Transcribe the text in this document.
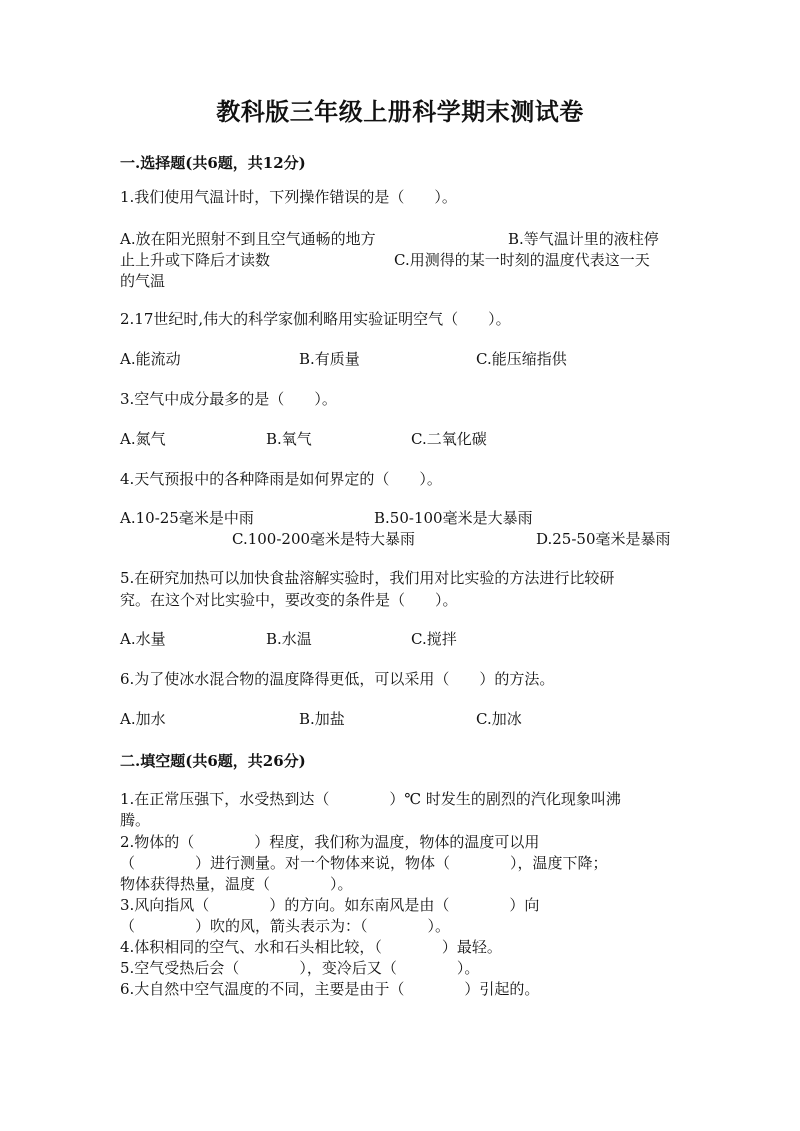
教科版三年级上册科学期末测试卷
一.选择题(共6题，共12分)
1.我们使用气温计时，下列操作错误的是（　　）。
A.放在阳光照射不到且空气通畅的地方	B.等气温计里的液柱停
止上升或下降后才读数	C.用测得的某一时刻的温度代表这一天
的气温
2.17世纪时,伟大的科学家伽利略用实验证明空气（　　）。
A.能流动	B.有质量	C.能压缩指供
3.空气中成分最多的是（　　）。
A.氮气	B.氧气	C.二氧化碳
4.天气预报中的各种降雨是如何界定的（　　）。
A.10-25毫米是中雨	B.50-100毫米是大暴雨
C.100-200毫米是特大暴雨	D.25-50毫米是暴雨
5.在研究加热可以加快食盐溶解实验时，我们用对比实验的方法进行比较研
究。在这个对比实验中，要改变的条件是（　　）。
A.水量	B.水温	C.搅拌
6.为了使冰水混合物的温度降得更低，可以采用（　　）的方法。
A.加水	B.加盐	C.加冰
二.填空题(共6题，共26分)
1.在正常压强下，水受热到达（　　　　）℃ 时发生的剧烈的汽化现象叫沸
腾。
2.物体的（　　　　）程度，我们称为温度，物体的温度可以用
（　　　　）进行测量。对一个物体来说，物体（　　　　），温度下降；
物体获得热量，温度（　　　　）。
3.风向指风（　　　　）的方向。如东南风是由（　　　　）向
（　　　　）吹的风，箭头表示为：（　　　　）。
4.体积相同的空气、水和石头相比较，（　　　　）最轻。
5.空气受热后会（　　　　），变冷后又（　　　　）。
6.大自然中空气温度的不同，主要是由于（　　　　）引起的。
